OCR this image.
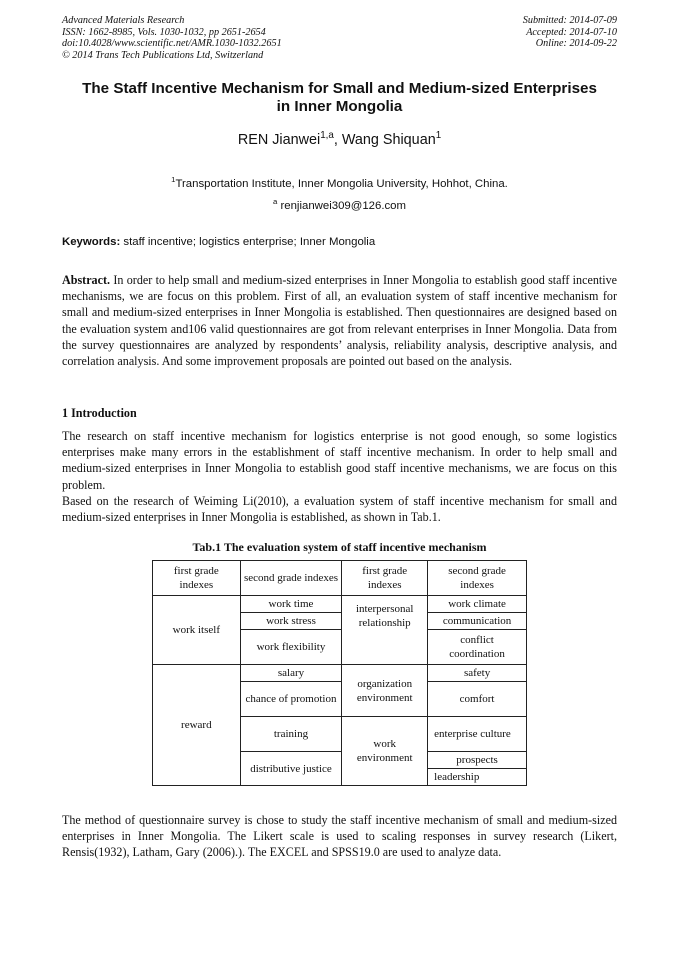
Advanced Materials Research
ISSN: 1662-8985, Vols. 1030-1032, pp 2651-2654
doi:10.4028/www.scientific.net/AMR.1030-1032.2651
© 2014 Trans Tech Publications Ltd, Switzerland
Submitted: 2014-07-09
Accepted: 2014-07-10
Online: 2014-09-22
The Staff Incentive Mechanism for Small and Medium-sized Enterprises
in Inner Mongolia
REN Jianwei$^{1,a}$, Wang Shiquan$^1$
$^1$Transportation Institute, Inner Mongolia University, Hohhot, China.
$^a$ renjianwei309@126.com
Keywords: staff incentive; logistics enterprise; Inner Mongolia

Abstract. In order to help small and medium-sized enterprises in Inner Mongolia to establish good staff incentive mechanisms, we are focus on this problem. First of all, an evaluation system of staff incentive mechanism for small and medium-sized enterprises in Inner Mongolia is established. Then questionnaires are designed based on the evaluation system and106 valid questionnaires are got from relevant enterprises in Inner Mongolia. Data from the survey questionnaires are analyzed by respondents’ analysis, reliability analysis, descriptive analysis, and correlation analysis. And some improvement proposals are pointed out based on the analysis.

1 Introduction

The research on staff incentive mechanism for logistics enterprise is not good enough, so some logistics enterprises make many errors in the establishment of staff incentive mechanism. In order to help small and medium-sized enterprises in Inner Mongolia to establish good staff incentive mechanisms, we are focus on this problem.

Based on the research of Weiming Li(2010), a evaluation system of staff incentive mechanism for small and medium-sized enterprises in Inner Mongolia is established, as shown in Tab.1.

Tab.1 The evaluation system of staff incentive mechanism
first grade indexes	second grade indexes	first grade indexes	second grade indexes
work itself	work time	interpersonal relationship	work climate
	work stress		communication
	work flexibility		conflict coordination
reward	salary	organization environment	safety
	chance of promotion		comfort
	training	work environment	enterprise culture
	distributive justice		prospects
			leadership

The method of questionnaire survey is chose to study the staff incentive mechanism of small and medium-sized enterprises in Inner Mongolia. The Likert scale is used to scaling responses in survey research (Likert, Rensis(1932), Latham, Gary (2006).). The EXCEL and SPSS19.0 are used to analyze data.
